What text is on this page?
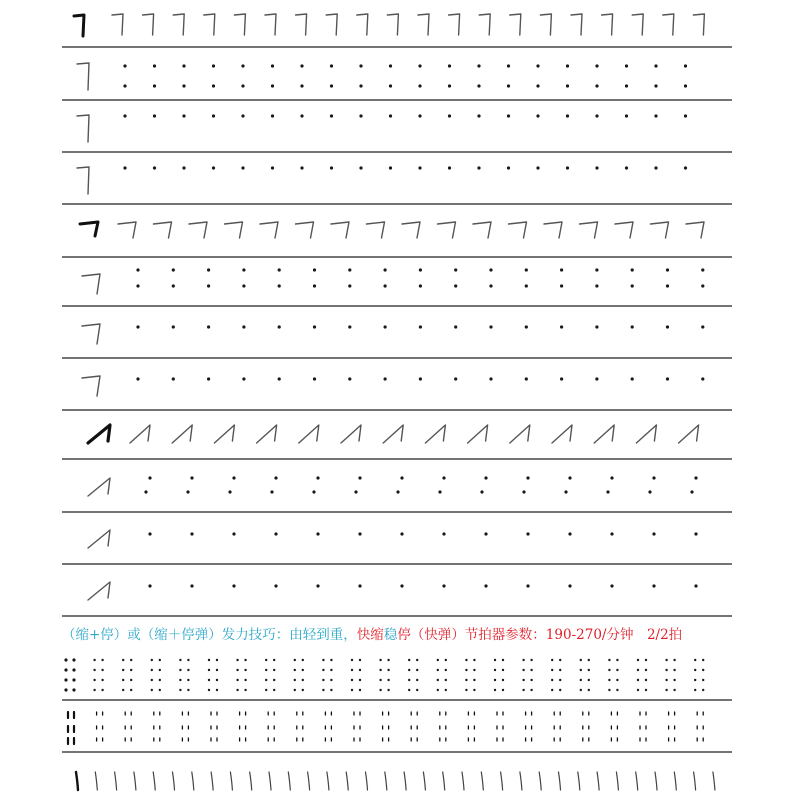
（缩+停）或（缩＋停弹）发力技巧：由轻到重，快缩稳停（快弹）节拍器参数：190-270/分钟　2/2拍
